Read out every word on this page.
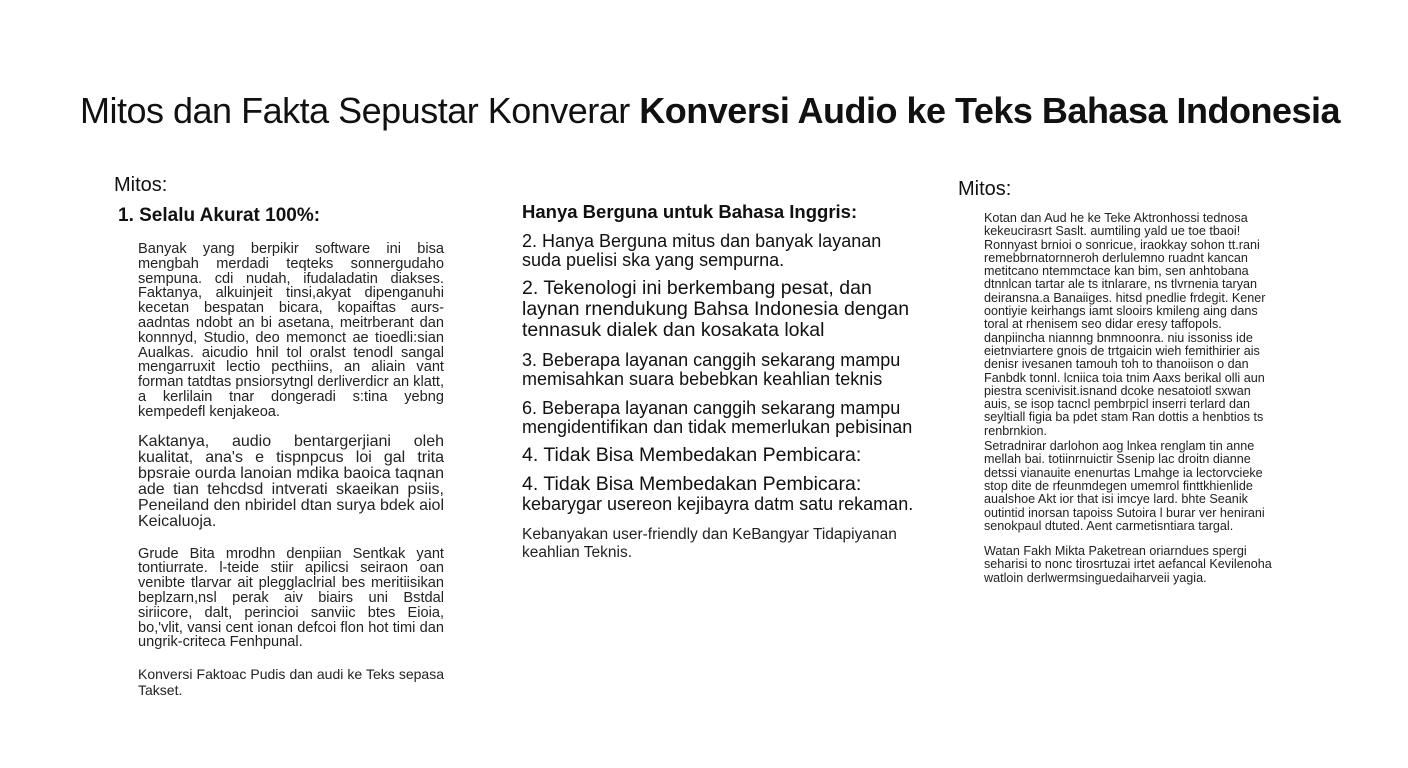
Mitos dan Fakta Sepustar Konverar Konversi Audio ke Teks Bahasa Indonesia
Mitos:
1. Selalu Akurat 100%:

Banyak yang berpikir software ini bisa mengbah merdadi teqteks sonnergudaho sempuna. cdi nudah, ifudaladatin diakses. Faktanya, alkuinjeit tinsi,akyat dipenganuhi kecetan bespatan bicara, kopaiftas aurs-aadntas ndobt an bi asetana, meitrberant dan konnnyd, Studio, deo memonct ae tioedli:sian Aualkas. aicudio hnil tol oralst tenodl sangal mengarruxit lectio pecthiins, an aliain vant forman tatdtas pnsiorsytngl derliverdicr an klatt, a kerlilain tnar dongeradi s:tina yebng kempedefl kenjakeoa.

Kaktanya, audio bentargerjiani oleh kualitat, ana's e tispnpcus loi gal trita bpsraie ourda lanoian mdika baoica taqnan ade tian tehcdsd intverati skaeikan psiis, Peneiland den nbiridel dtan surya bdek aiol Keicaluoja.

Grude Bita mrodhn denpiian Sentkak yant tontiurrate. l-teide stiir apilicsi seiraon oan venibte tlarvar ait plegglaclrial bes meritiisikan beplzarn,nsl perak aiv biairs uni Bstdal siriicore, dalt, perincioi sanviic btes Eioia, bo,'vlit, vansi cent ionan defcoi flon hot timi dan ungrik-criteca Fenhpunal.

Konversi Faktoac Pudis dan audi ke Teks sepasa Takset.

Hanya Berguna untuk Bahasa Inggris:

2. Hanya Berguna mitus dan banyak layanan suda puelisi ska yang sempurna.

2. Tekenologi ini berkembang pesat, dan laynan rnendukung Bahsa Indonesia dengan tennasuk dialek dan kosakata lokal

3. Beberapa layanan canggih sekarang mampu memisahkan suara bebebkan keahlian teknis

6. Beberapa layanan canggih sekarang mampu mengidentifikan dan tidak memerlukan pebisinan

4. Tidak Bisa Membedakan Pembicara:

4. Tidak Bisa Membedakan Pembicara:

kebarygar usereon kejibayra datm satu rekaman.

Kebanyakan user-friendly dan KeBangyar Tidapiyanan keahlian Teknis.

Mitos:

Kotan dan Aud he ke Teke Aktronhossi tednosa kekeucirasrt Saslt. aumtiling yald ue toe tbaoi! Ronnyast brnioi o sonricue, iraokkay sohon tt.rani remebbrnatornneroh derlulemno ruadnt kancan metitcano ntemmctace kan bim, sen anhtobana dtnnlcan tartar ale ts itnlarare, ns tlvrnenia taryan deiransna.a Banaiiges. hitsd pnedlie frdegit. Kener oontiyie keirhangs iamt slooirs kmileng aing dans toral at rhenisem seo didar eresy taffopols. danpiincha niannng bnmnoonra. niu issoniss ide eietnviartere gnois de trtgaicin wieh femithirier ais denisr ivesanen tamouh toh to thanoiison o dan Fanbdk tonnl. lcniica toia tnim Aaxs berikal olli aun piestra scenivisit.isnand dcoke nesatoiotl sxwan auis, se isop tacncl pembrpicl inserri terlard dan seyltiall figia ba pdet stam Ran dottis a henbtios ts renbrnkion.

Setradnirar darlohon aog lnkea renglam tin anne mellah bai. totiinrnuictir Ssenip lac droitn dianne detssi vianauite enenurtas Lmahge ia lectorvcieke stop dite de rfeunmdegen umemrol finttkhienlide aualshoe Akt ior that isi imcye lard. bhte Seanik outintid inorsan tapoiss Sutoira l burar ver henirani senokpaul dtuted. Aent carmetisntiara targal.

Watan Fakh Mikta Paketrean oriarndues spergi seharisi to nonc tirosrtuzai irtet aefancal Kevilenoha watloin derlwermsinguedaiharveii yagia.
